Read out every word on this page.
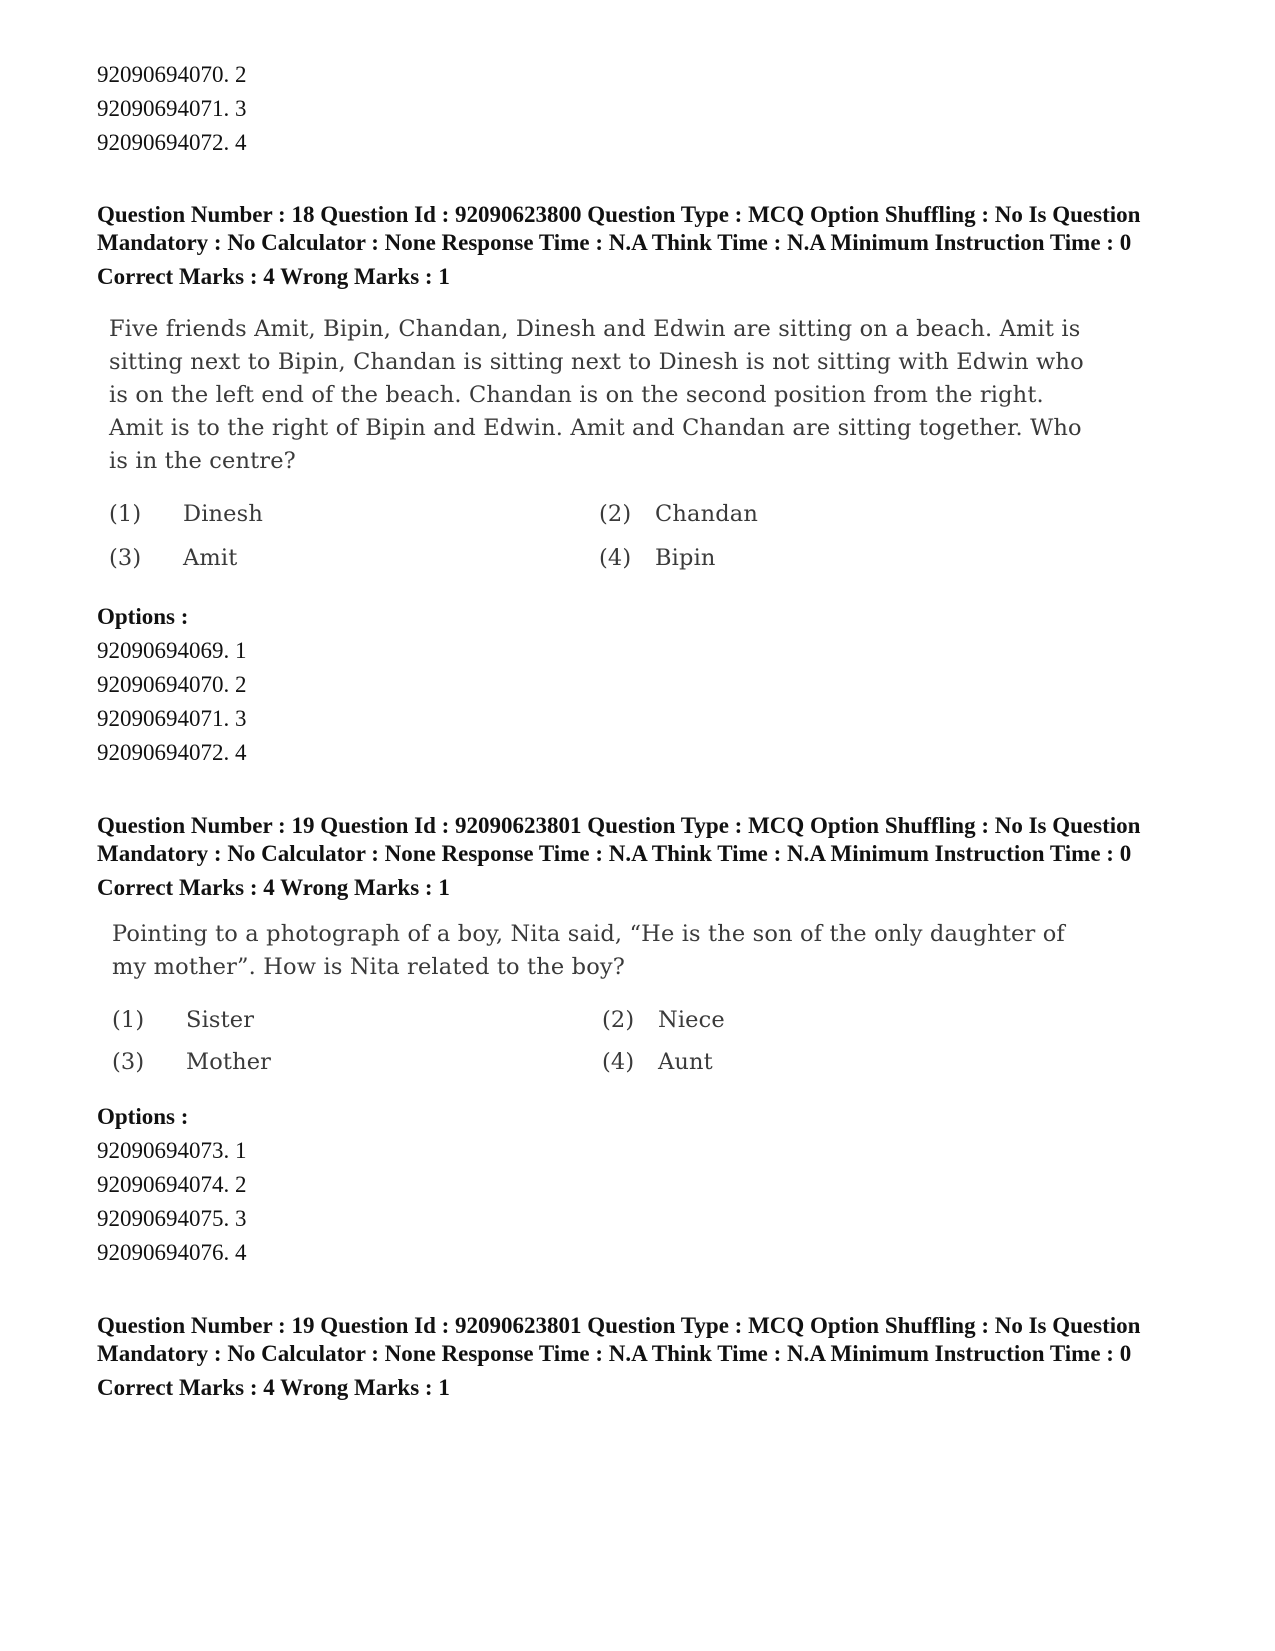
92090694070. 2
92090694071. 3
92090694072. 4

Question Number : 18 Question Id : 92090623800 Question Type : MCQ Option Shuffling : No Is Question Mandatory : No Calculator : None Response Time : N.A Think Time : N.A Minimum Instruction Time : 0

Correct Marks : 4 Wrong Marks : 1

Five friends Amit, Bipin, Chandan, Dinesh and Edwin are sitting on a beach. Amit is sitting next to Bipin, Chandan is sitting next to Dinesh is not sitting with Edwin who is on the left end of the beach. Chandan is on the second position from the right. Amit is to the right of Bipin and Edwin. Amit and Chandan are sitting together. Who is in the centre?

(1)	Dinesh	(2)	Chandan
(3)	Amit	(4)	Bipin
Options :
92090694069. 1
92090694070. 2
92090694071. 3
92090694072. 4

Question Number : 19 Question Id : 92090623801 Question Type : MCQ Option Shuffling : No Is Question Mandatory : No Calculator : None Response Time : N.A Think Time : N.A Minimum Instruction Time : 0

Correct Marks : 4 Wrong Marks : 1

Pointing to a photograph of a boy, Nita said, “He is the son of the only daughter of my mother”. How is Nita related to the boy?

(1)	Sister	(2)	Niece
(3)	Mother	(4)	Aunt
Options :
92090694073. 1
92090694074. 2
92090694075. 3
92090694076. 4

Question Number : 19 Question Id : 92090623801 Question Type : MCQ Option Shuffling : No Is Question Mandatory : No Calculator : None Response Time : N.A Think Time : N.A Minimum Instruction Time : 0

Correct Marks : 4 Wrong Marks : 1
